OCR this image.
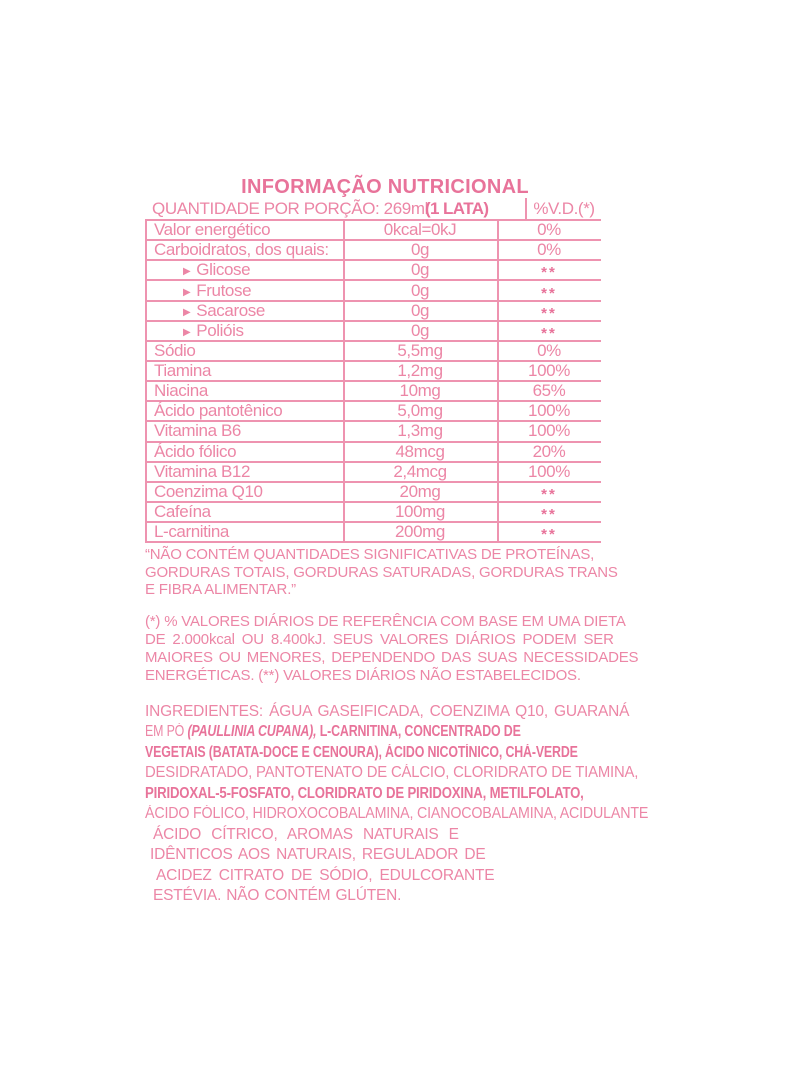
INFORMAÇÃO NUTRICIONAL
QUANTIDADE POR PORÇÃO: 269ml
(1 LATA)	%V.D.(*)
Valor energético	0kcal=0kJ	0%
Carboidratos, dos quais:	0g	0%
▶ Glicose	0g	**
▶ Frutose	0g	**
▶ Sacarose	0g	**
▶ Polióis	0g	**
Sódio	5,5mg	0%
Tiamina	1,2mg	100%
Niacina	10mg	65%
Ácido pantotênico	5,0mg	100%
Vitamina B6	1,3mg	100%
Ácido fólico	48mcg	20%
Vitamina B12	2,4mcg	100%
Coenzima Q10	20mg	**
Cafeína	100mg	**
L-carnitina	200mg	**
“NÃO CONTÉM QUANTIDADES SIGNIFICATIVAS DE PROTEÍNAS,
GORDURAS TOTAIS, GORDURAS SATURADAS, GORDURAS TRANS
E FIBRA ALIMENTAR.”
(*) % VALORES DIÁRIOS DE REFERÊNCIA COM BASE EM UMA DIETA
DE 2.000kcal OU 8.400kJ. SEUS VALORES DIÁRIOS PODEM SER
MAIORES OU MENORES, DEPENDENDO DAS SUAS NECESSIDADES
ENERGÉTICAS. (**) VALORES DIÁRIOS NÃO ESTABELECIDOS.
INGREDIENTES: ÁGUA GASEIFICADA, COENZIMA Q10, GUARANÁ
EM PÓ (PAULLINIA CUPANA), L-CARNITINA, CONCENTRADO DE
VEGETAIS (BATATA-DOCE E CENOURA), ÁCIDO NICOTÍNICO, CHÁ-VERDE
DESIDRATADO, PANTOTENATO DE CÁLCIO, CLORIDRATO DE TIAMINA,
PIRIDOXAL-5-FOSFATO, CLORIDRATO DE PIRIDOXINA, METILFOLATO,
ÁCIDO FÓLICO, HIDROXOCOBALAMINA, CIANOCOBALAMINA, ACIDULANTE
ÁCIDO CÍTRICO, AROMAS NATURAIS E
IDÊNTICOS AOS NATURAIS, REGULADOR DE
ACIDEZ CITRATO DE SÓDIO, EDULCORANTE
ESTÉVIA. NÃO CONTÉM GLÚTEN.
